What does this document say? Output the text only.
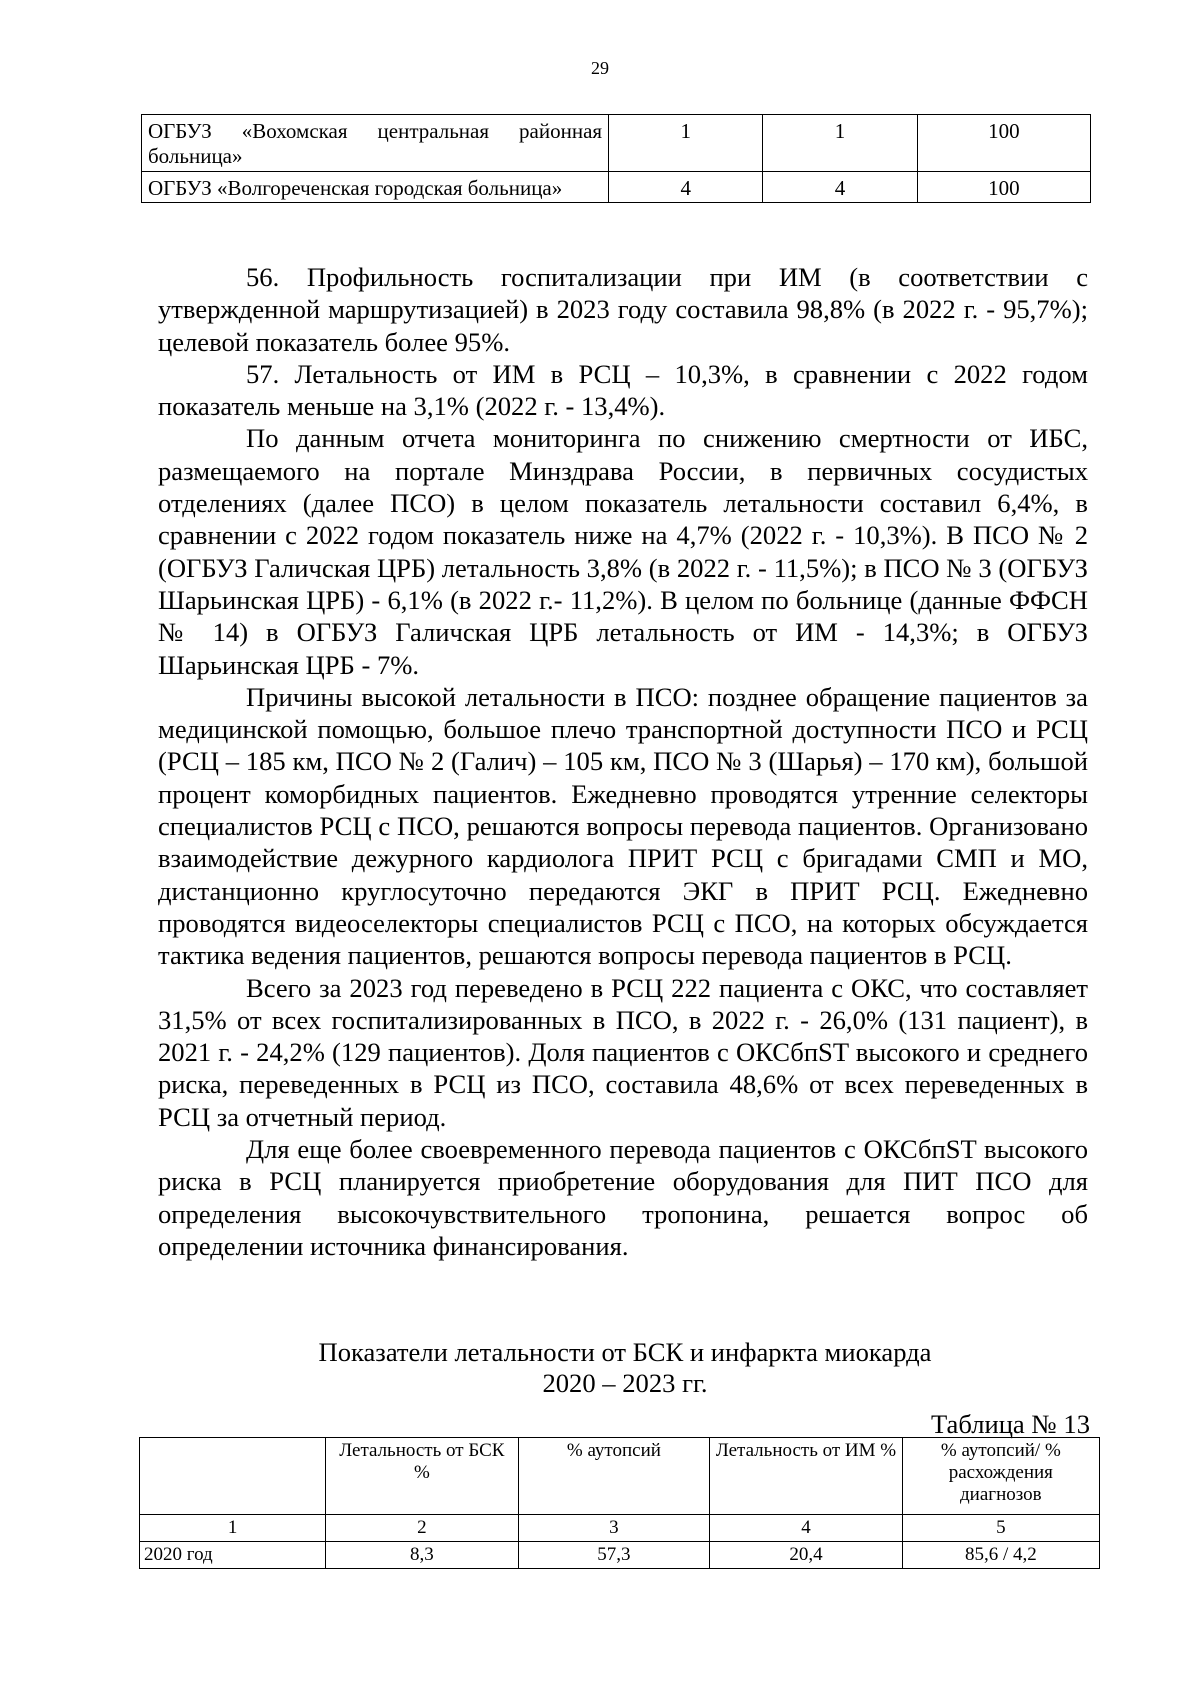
29
ОГБУЗ «Вохомская центральная районная больница»	1	1	100
ОГБУЗ «Волгореченская городская больница»	4	4	100

56. Профильность госпитализации при ИМ (в соответствии с утвержденной маршрутизацией) в 2023 году составила 98,8% (в 2022 г. - 95,7%); целевой показатель более 95%.

57. Летальность от ИМ в РСЦ – 10,3%, в сравнении с 2022 годом показатель меньше на 3,1% (2022 г. - 13,4%).

По данным отчета мониторинга по снижению смертности от ИБС, размещаемого на портале Минздрава России, в первичных сосудистых отделениях (далее ПСО) в целом показатель летальности составил 6,4%, в сравнении с 2022 годом показатель ниже на 4,7% (2022 г. - 10,3%). В ПСО № 2 (ОГБУЗ Галичская ЦРБ) летальность 3,8% (в 2022 г. - 11,5%); в ПСО № 3 (ОГБУЗ Шарьинская ЦРБ) - 6,1% (в 2022 г.- 11,2%). В целом по больнице (данные ФФСН № 14) в ОГБУЗ Галичская ЦРБ летальность от ИМ - 14,3%; в ОГБУЗ Шарьинская ЦРБ - 7%.

Причины высокой летальности в ПСО: позднее обращение пациентов за медицинской помощью, большое плечо транспортной доступности ПСО и РСЦ (РСЦ – 185 км, ПСО № 2 (Галич) – 105 км, ПСО № 3 (Шарья) – 170 км), большой процент коморбидных пациентов. Ежедневно проводятся утренние селекторы специалистов РСЦ с ПСО, решаются вопросы перевода пациентов. Организовано взаимодействие дежурного кардиолога ПРИТ РСЦ с бригадами СМП и МО, дистанционно круглосуточно передаются ЭКГ в ПРИТ РСЦ. Ежедневно проводятся видеоселекторы специалистов РСЦ с ПСО, на которых обсуждается тактика ведения пациентов, решаются вопросы перевода пациентов в РСЦ.

Всего за 2023 год переведено в РСЦ 222 пациента с ОКС, что составляет 31,5% от всех госпитализированных в ПСО, в 2022 г. - 26,0% (131 пациент), в 2021 г. - 24,2% (129 пациентов). Доля пациентов с ОКСбпST высокого и среднего риска, переведенных в РСЦ из ПСО, составила 48,6% от всех переведенных в РСЦ за отчетный период.

Для еще более своевременного перевода пациентов с ОКСбпST высокого риска в РСЦ планируется приобретение оборудования для ПИТ ПСО для определения высокочувствительного тропонина, решается вопрос об определении источника финансирования.

Показатели летальности от БСК и инфаркта миокарда
2020 – 2023 гг.
Таблица № 13
	Летальность от БСК %	% аутопсий	Летальность от ИМ %	% аутопсий/ % расхождения диагнозов
1	2	3	4	5
2020 год	8,3	57,3	20,4	85,6 / 4,2
